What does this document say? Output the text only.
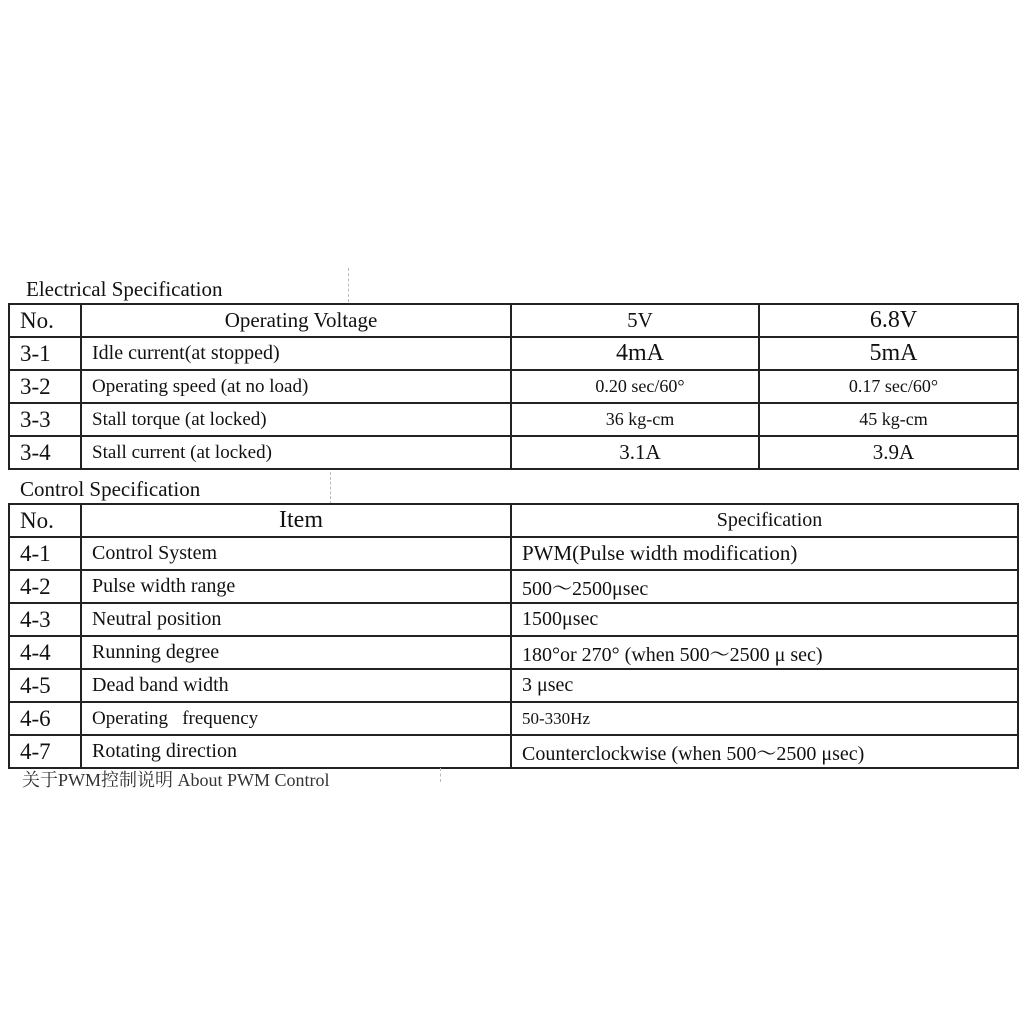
Electrical Specification
No.	Operating Voltage	5V	6.8V
3-1	Idle current(at stopped)	4mA	5mA
3-2	Operating speed (at no load)	0.20 sec/60°	0.17 sec/60°
3-3	Stall torque (at locked)	36 kg-cm	45 kg-cm
3-4	Stall current (at locked)	3.1A	3.9A
Control Specification
No.	Item	Specification
4-1	Control System	PWM(Pulse width modification)
4-2	Pulse width range	500～2500μsec
4-3	Neutral position	1500μsec
4-4	Running degree	180°or 270° (when 500～2500 μ sec)
4-5	Dead band width	3 μsec
4-6	Operating   frequency	50-330Hz
4-7	Rotating direction	Counterclockwise (when 500～2500 μsec)
关于PWM控制说明 About PWM Control
